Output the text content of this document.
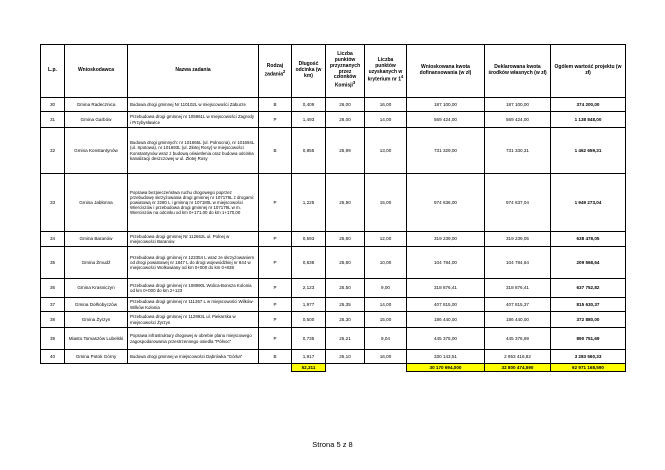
L.p.	Wnioskodawca	Nazwa zadania	Rodzaj zadania$^2$	Długość odcinka (w km)	Liczba punktów przyznanych przez członków Komisji$^3$	Liczba punktów uzyskanych w kryterium nr $1^4$	Wnioskowana kwota dofinansowania (w zł)	Deklarowana kwota środków własnych (w zł)	Ogólem wartość projektu (w zł)
30	Gmina Radecznica	Budowa drogi gminnej Nr 110102L w miejscowości Zaburze	B	0,409	26,00	16,00	187 100,00	187 100,00	374 200,00
31	Gmina Garbów	Przebudowa drogi gminnej nr 105961L w miejscowości Zagrody i Przybysławice	P	1,493	26,00	14,00	569 424,00	569 424,00	1 138 848,00
32	Gmina Konstantynów	Budowa drogi gminnych: nr 101665L (ul. Polnocna), nr 101694L (ul. Spotowa), nr 101693L (ul. Złotej Rosy) w miejscowości Konstantynów wraz z budową oświetlenia oraz budowa odcinka kanalizacji deszczowej w ul. Złotej Rosy	B	0,855	25,99	13,00	731 329,00	731 330,31	1 462 659,31
33	Gmina Jabłonna	Poprawa bezpieczeństwa ruchu drogowego poprzez przebudowę skrzyżowania drogi gminnej nr 107179L z drogami: powiatową nr 2280 L i gminną nr 107180L w miejscowości Wierciszów i przebudowa drogi gminnej nr 107179L w m. Wierciszów na odcinku od km 0+171.00 do km 1+170,00	P	1,225	25,90	15,00	974 636,00	974 637,04	1 949 273,04
34	Gmina Baranów	Przebudowa drogi gminnej Nr 112662L ul. Polnej w miejscowości Baranów	P	0,593	25,80	12,00	319 239,00	319 239,05	638 478,05
35	Gmina Żmudź	Przebudowa drogi gminnej nr 122354 L wraz ze skrzyżowaniem od drogi powiatowej nr 1847 L do drogi wojewódzkiej nr 844 w miejscowości Wolkowiany od km 0+000 do km 0+838	P	0,838	25,80	10,00	104 784,00	104 784,64	209 568,64
36	Gmina Krasniczyn	Przebudowa drogi gminnej nr 108990L Wolica-Bonsza Kolonia od km 0+000 do km 2+123	P	2,123	25,50	9,00	318 876,41	318 876,41	637 752,82
37	Gmina Dołhobyczów	Przebudowa drogi gminnej nr 111367 L w miejscowości Wilków-Wilków Kolonia	P	1,977	25,35	14,00	407 815,00	407 815,37	815 630,37
38	Gmina Żyrzyn	Przebudowa drogi gminnej nr 112993L ul. Piekarska w miejscowości Żyrzyn	P	0,500	25,30	15,00	186 440,00	186 440,00	372 880,00
39	Miasto Tomaszów Lubelski	Poprawa infrastruktury drogowej w obrebie planu miejscowego zagospodarowania przestrzennego osiedla "Północ"	P	0,735	25,21	9,04	445 375,00	445 376,69	890 751,69
40	Gmina Potok Górny	Budowa drogi gminnej w miejscowości Dąbrówka "Górka"	B	1,917	25,10	16,00	330 143,51	2 953 416,82	3 283 560,33
				52,311			30 170 694,000	32 800 474,590	62 971 168,590
Strona 5 z 8
